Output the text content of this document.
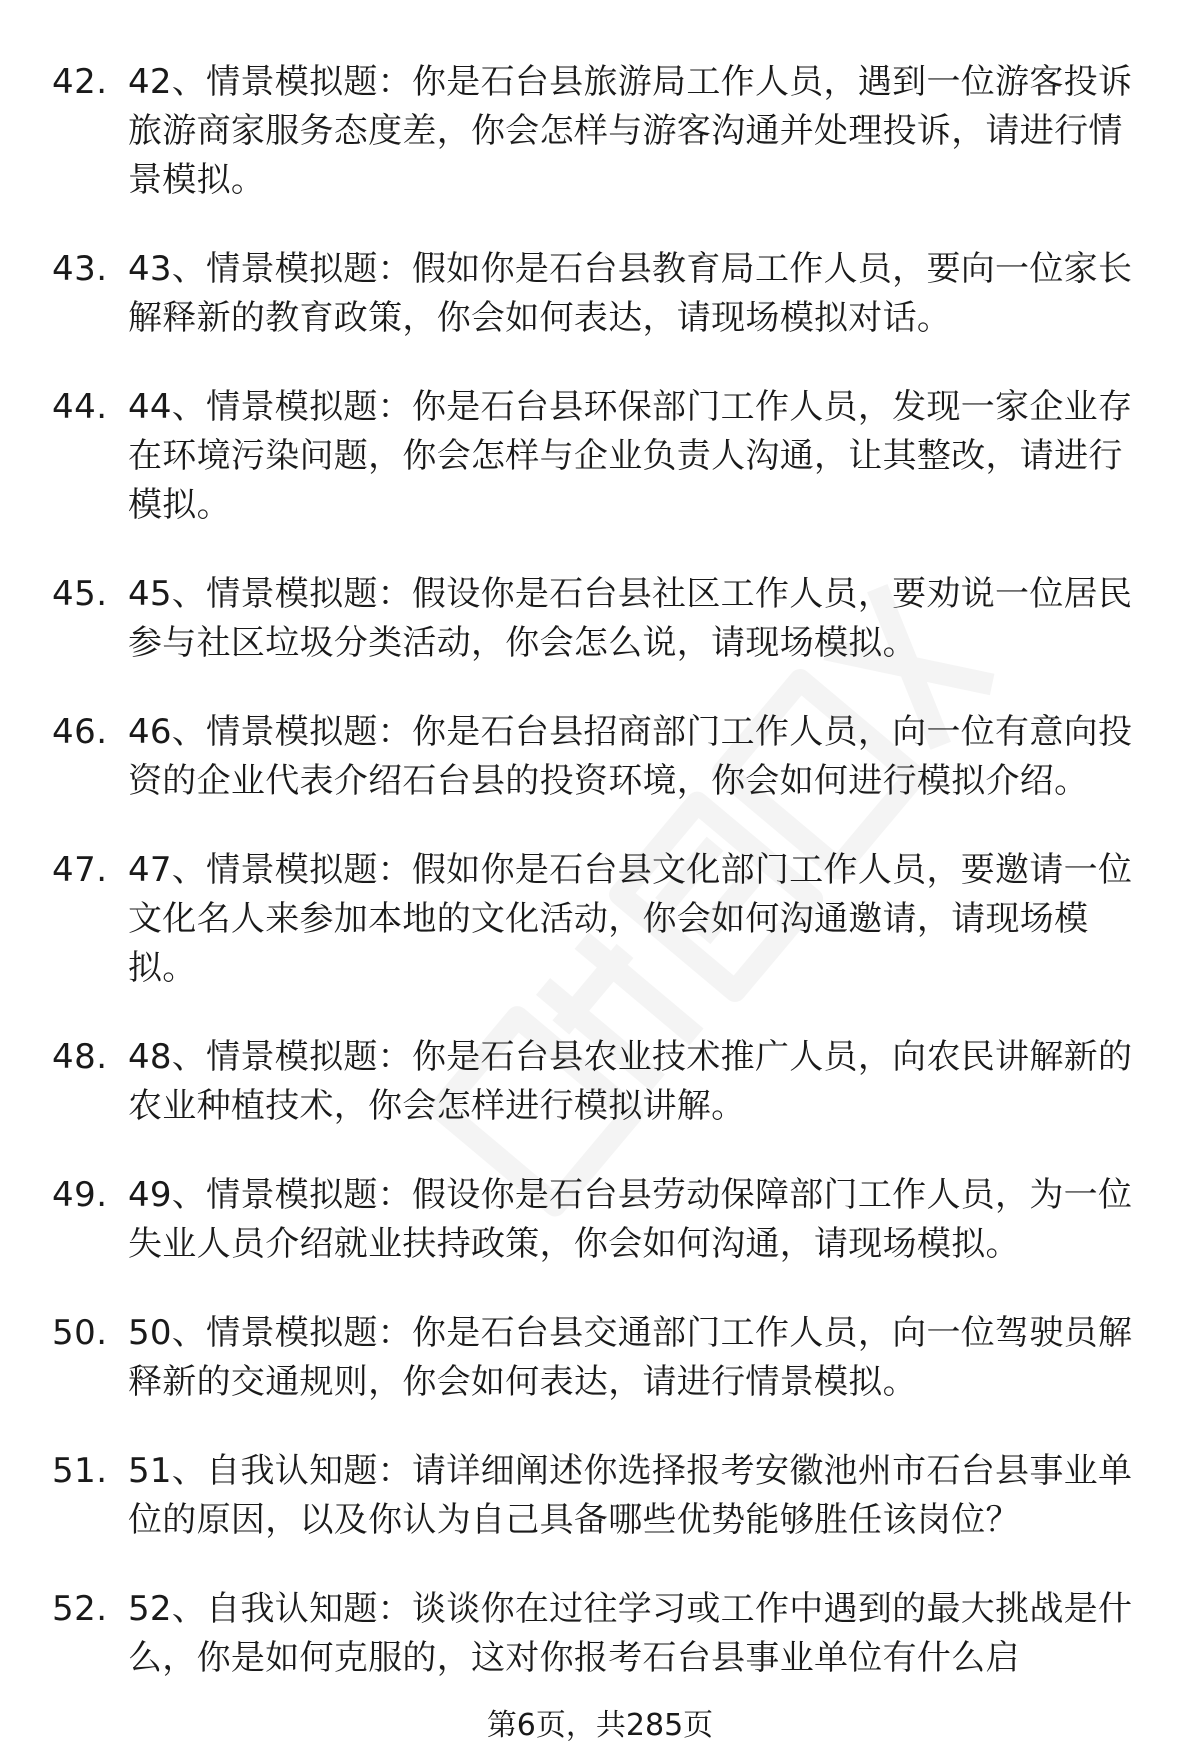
42. 42、情景模拟题：你是石台县旅游局工作人员，遇到一位游客投诉旅游商家服务态度差，你会怎样与游客沟通并处理投诉，请进行情景模拟。
43. 43、情景模拟题：假如你是石台县教育局工作人员，要向一位家长解释新的教育政策，你会如何表达，请现场模拟对话。
44. 44、情景模拟题：你是石台县环保部门工作人员，发现一家企业存在环境污染问题，你会怎样与企业负责人沟通，让其整改，请进行模拟。
45. 45、情景模拟题：假设你是石台县社区工作人员，要劝说一位居民参与社区垃圾分类活动，你会怎么说，请现场模拟。
46. 46、情景模拟题：你是石台县招商部门工作人员，向一位有意向投资的企业代表介绍石台县的投资环境，你会如何进行模拟介绍。
47. 47、情景模拟题：假如你是石台县文化部门工作人员，要邀请一位文化名人来参加本地的文化活动，你会如何沟通邀请，请现场模拟。
48. 48、情景模拟题：你是石台县农业技术推广人员，向农民讲解新的农业种植技术，你会怎样进行模拟讲解。
49. 49、情景模拟题：假设你是石台县劳动保障部门工作人员，为一位失业人员介绍就业扶持政策，你会如何沟通，请现场模拟。
50. 50、情景模拟题：你是石台县交通部门工作人员，向一位驾驶员解释新的交通规则，你会如何表达，请进行情景模拟。
51. 51、自我认知题：请详细阐述你选择报考安徽池州市石台县事业单位的原因，以及你认为自己具备哪些优势能够胜任该岗位？
52. 52、自我认知题：谈谈你在过往学习或工作中遇到的最大挑战是什么，你是如何克服的，这对你报考石台县事业单位有什么启
第6页，共285页
